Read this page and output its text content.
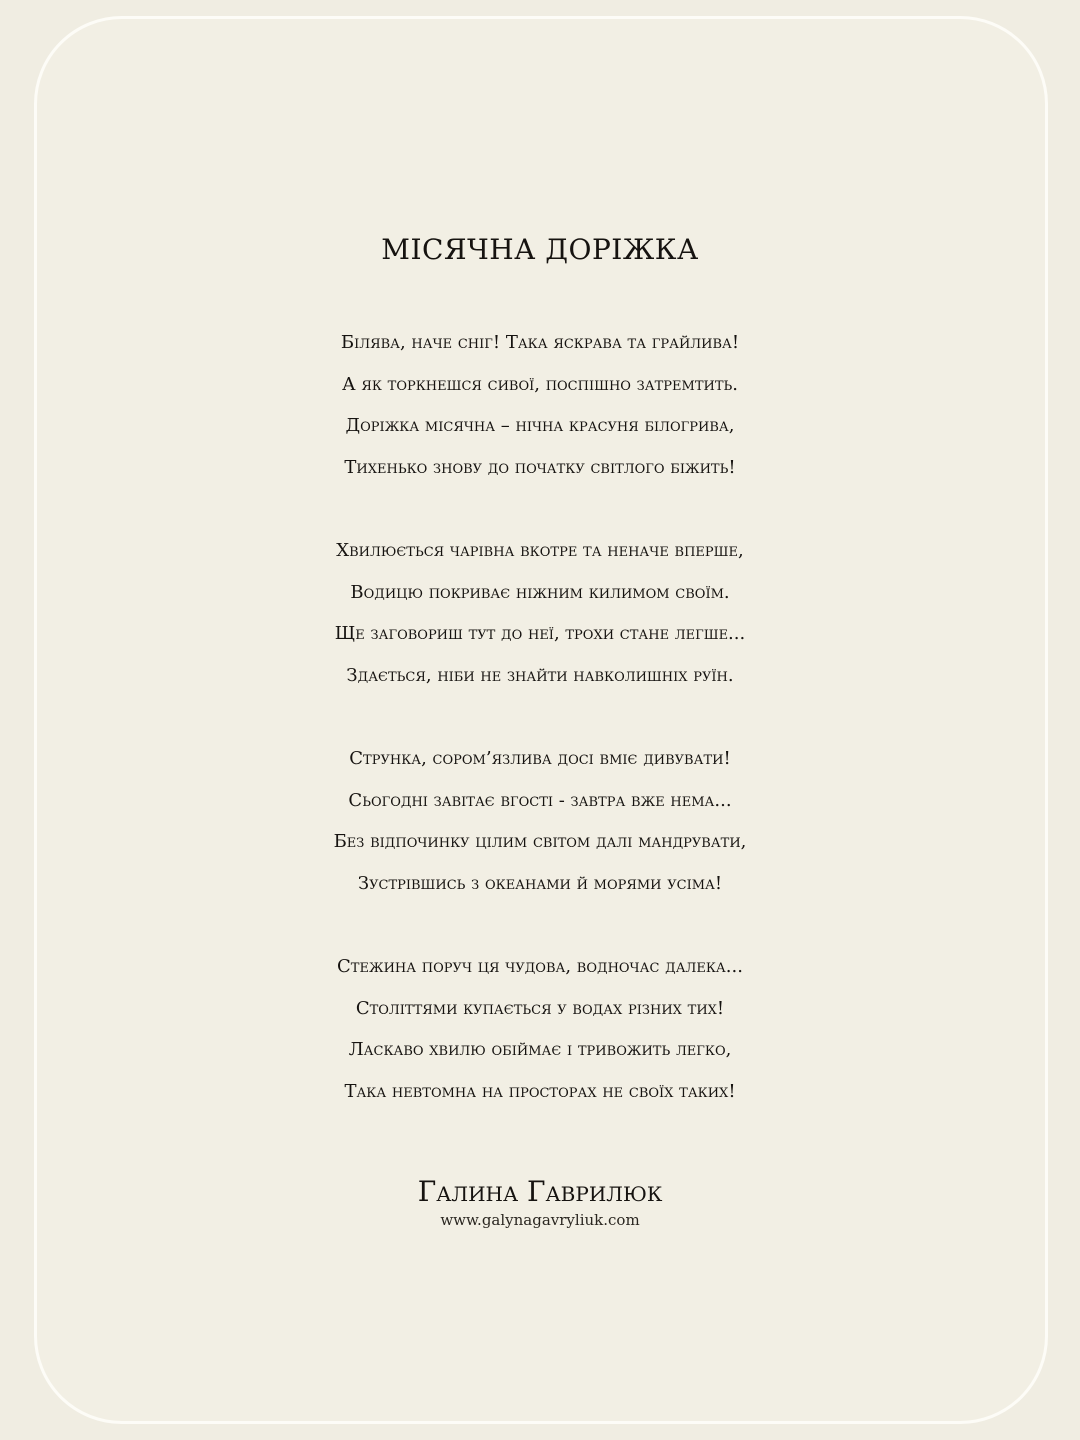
МІСЯЧНА ДОРІЖКА
Білява, наче сніг! Така яскрава та грайлива!
А як торкнешся сивої, поспішно затремтить.
Доріжка місячна – нічна красуня білогрива,
Тихенько знову до початку світлого біжить!
Хвилюється чарівна вкотре та неначе вперше,
Водицю покриває ніжним килимом своїм.
Ще заговориш тут до неї, трохи стане легше...
Здається, ніби не знайти навколишніх руїн.
Струнка, сором’язлива досі вміє дивувати!
Сьогодні завітає вгості - завтра вже нема...
Без відпочинку цілим світом далі мандрувати,
Зустрівшись з океанами й морями усіма!
Стежина поруч ця чудова, водночас далека...
Століттями купається у водах різних тих!
Ласкаво хвилю обіймає і тривожить легко,
Така невтомна на просторах не своїх таких!
Галина Гаврилюк
www.galynagavryliuk.com
